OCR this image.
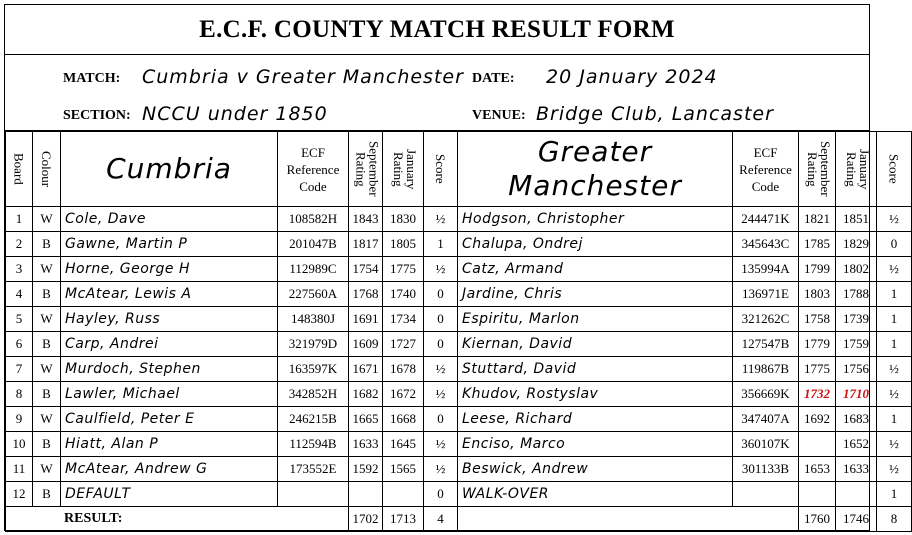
E.C.F. COUNTY MATCH RESULT FORM
MATCH: Cumbria v Greater Manchester DATE: 20 January 2024
SECTION: NCCU under 1850	VENUE: Bridge Club, Lancaster
Board	Colour	Cumbria	ECF Reference Code	September Rating	January Rating	Score	Greater Manchester	ECF Reference Code	September Rating	January Rating	Score

1	W	Cole, Dave	108582H	1843	1830	½	Hodgson, Christopher	244471K	1821	1851	½
2	B	Gawne, Martin P	201047B	1817	1805	1	Chalupa, Ondrej	345643C	1785	1829	0
3	W	Horne, George H	112989C	1754	1775	½	Catz, Armand	135994A	1799	1802	½
4	B	McAtear, Lewis A	227560A	1768	1740	0	Jardine, Chris	136971E	1803	1788	1
5	W	Hayley, Russ	148380J	1691	1734	0	Espiritu, Marlon	321262C	1758	1739	1
6	B	Carp, Andrei	321979D	1609	1727	0	Kiernan, David	127547B	1779	1759	1
7	W	Murdoch, Stephen	163597K	1671	1678	½	Stuttard, David	119867B	1775	1756	½
8	B	Lawler, Michael	342852H	1682	1672	½	Khudov, Rostyslav	356669K	1732	1710	½
9	W	Caulfield, Peter E	246215B	1665	1668	0	Leese, Richard	347407A	1692	1683	1
10	B	Hiatt, Alan P	112594B	1633	1645	½	Enciso, Marco	360107K		1652	½
11	W	McAtear, Andrew G	173552E	1592	1565	½	Beswick, Andrew	301133B	1653	1633	½
12	B	DEFAULT				0	WALK-OVER				1
RESULT:				1702	1713	4			1760	1746	8
